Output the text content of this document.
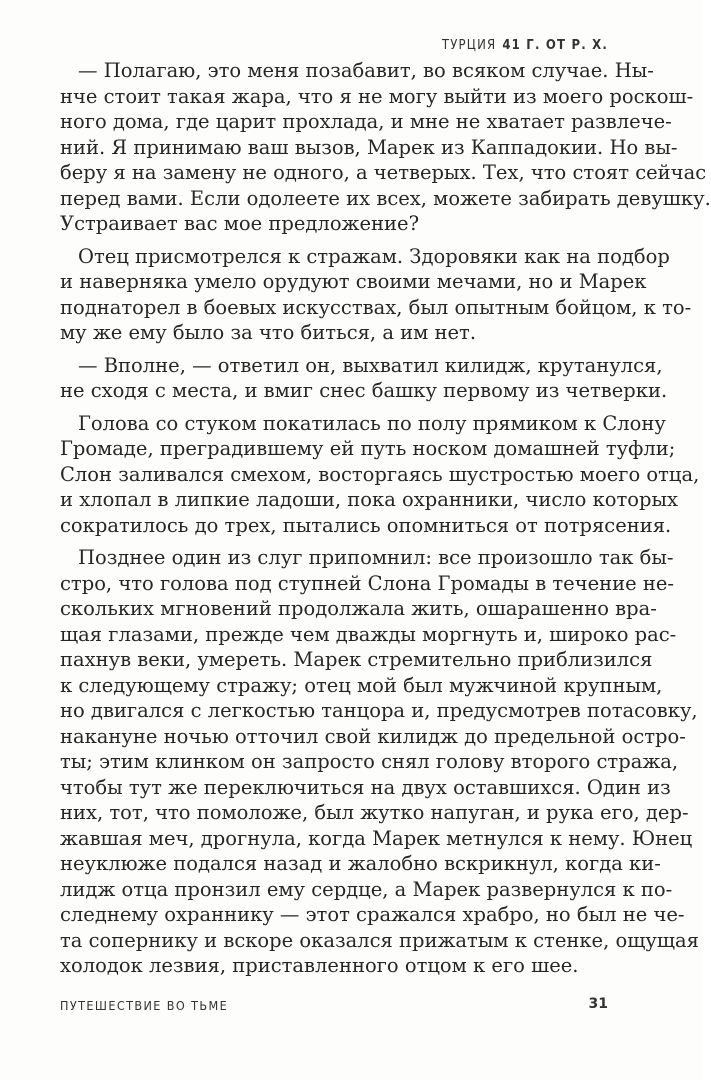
ТУРЦИЯ 41 Г. ОТ Р. Х.
— Полагаю, это меня позабавит, во всяком случае. Ны-
нче стоит такая жара, что я не могу выйти из моего роскош-
ного дома, где царит прохлада, и мне не хватает развлече-
ний. Я принимаю ваш вызов, Марек из Каппадокии. Но вы-
беру я на замену не одного, а четверых. Тех, что стоят сейчас
перед вами. Если одолеете их всех, можете забирать девушку.
Устраивает вас мое предложение?
Отец присмотрелся к стражам. Здоровяки как на подбор
и наверняка умело орудуют своими мечами, но и Марек
поднаторел в боевых искусствах, был опытным бойцом, к то-
му же ему было за что биться, а им нет.
— Вполне, — ответил он, выхватил килидж, крутанулся,
не сходя с места, и вмиг снес башку первому из четверки.
Голова со стуком покатилась по полу прямиком к Слону
Громаде, преградившему ей путь носком домашней туфли;
Слон заливался смехом, восторгаясь шустростью моего отца,
и хлопал в липкие ладоши, пока охранники, число которых
сократилось до трех, пытались опомниться от потрясения.
Позднее один из слуг припомнил: все произошло так бы-
стро, что голова под ступней Слона Громады в течение не-
скольких мгновений продолжала жить, ошарашенно вра-
щая глазами, прежде чем дважды моргнуть и, широко рас-
пахнув веки, умереть. Марек стремительно приблизился
к следующему стражу; отец мой был мужчиной крупным,
но двигался с легкостью танцора и, предусмотрев потасовку,
накануне ночью отточил свой килидж до предельной остро-
ты; этим клинком он запросто снял голову второго стража,
чтобы тут же переключиться на двух оставшихся. Один из
них, тот, что помоложе, был жутко напуган, и рука его, дер-
жавшая меч, дрогнула, когда Марек метнулся к нему. Юнец
неуклюже подался назад и жалобно вскрикнул, когда ки-
лидж отца пронзил ему сердце, а Марек развернулся к по-
следнему охраннику — этот сражался храбро, но был не че-
та сопернику и вскоре оказался прижатым к стенке, ощущая
холодок лезвия, приставленного отцом к его шее.
ПУТЕШЕСТВИЕ ВО ТЬМЕ	31
